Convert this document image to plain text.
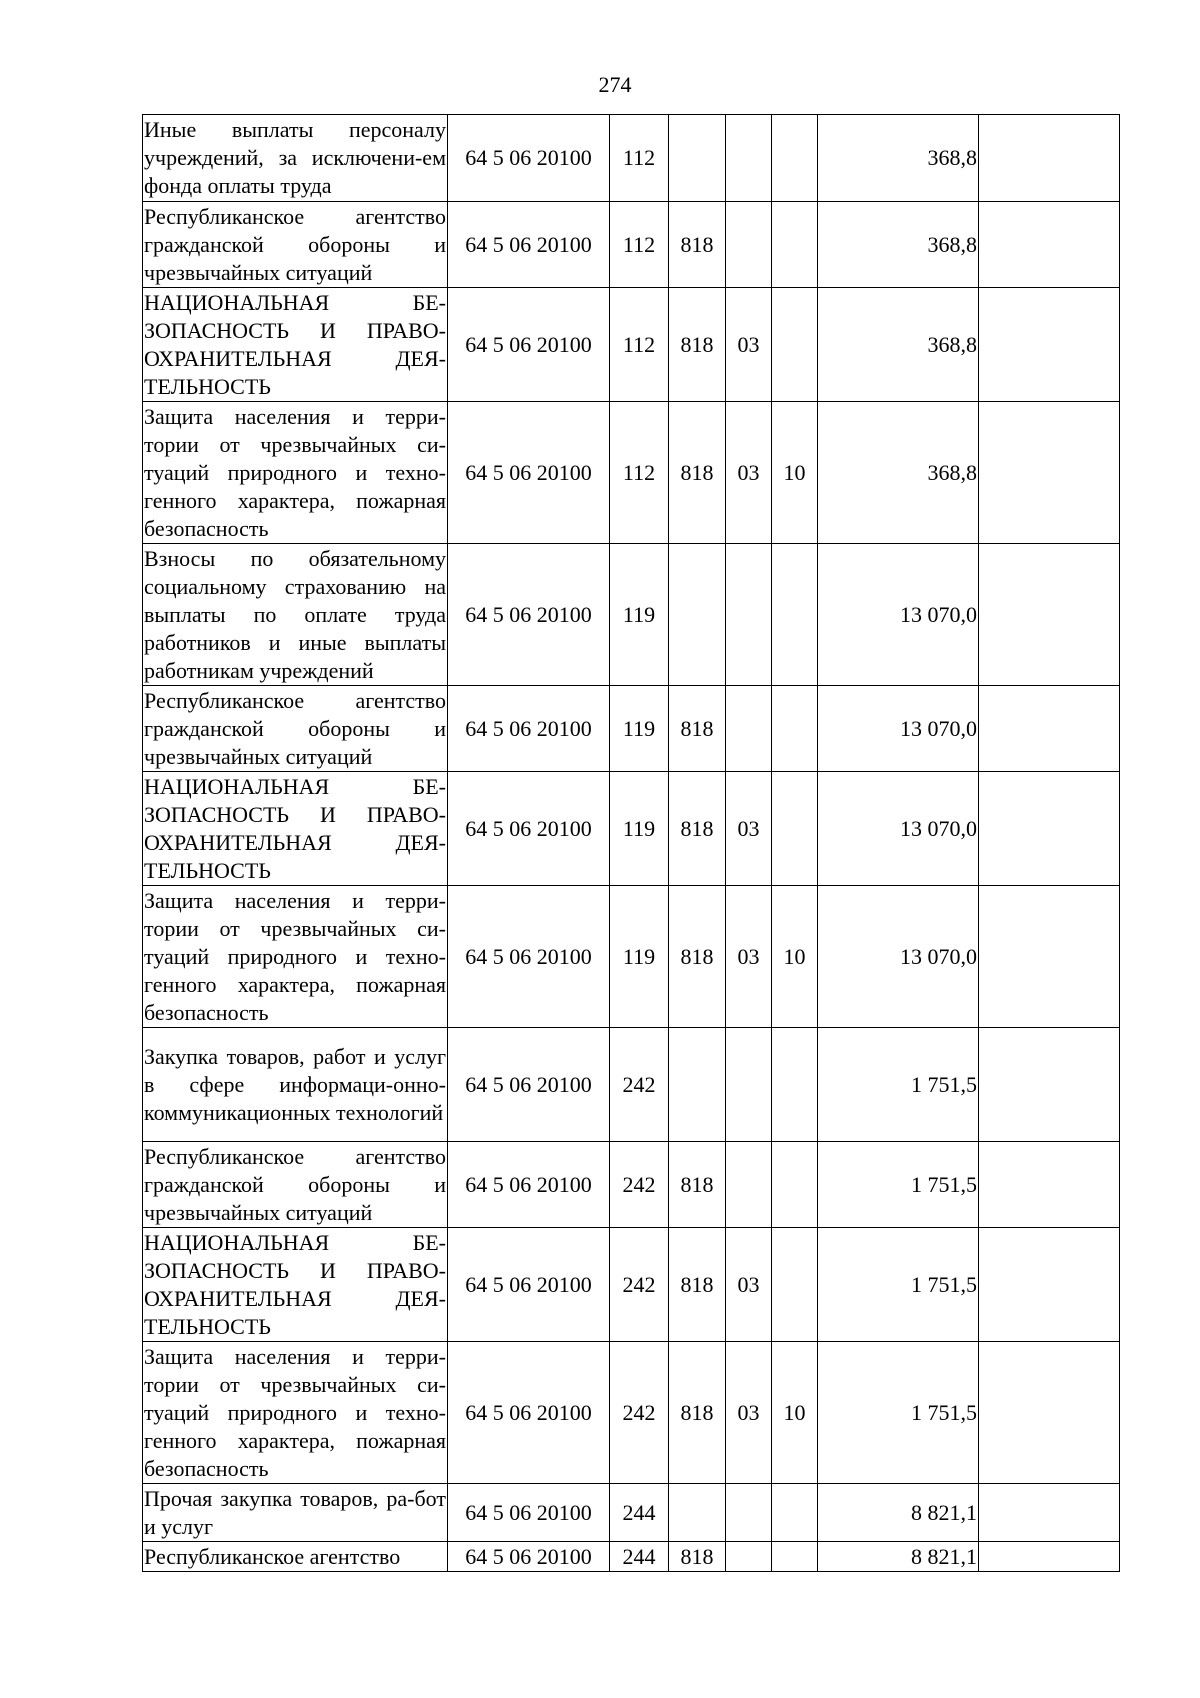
274
Иные выплаты персоналу учреждений, за исключени-ем фонда оплаты труда	64 5 06 20100	112				368,8	
Республиканское агентство гражданской обороны и чрезвычайных ситуаций	64 5 06 20100	112	818			368,8	
НАЦИОНАЛЬНАЯ БЕ-ЗОПАСНОСТЬ И ПРАВО-ОХРАНИТЕЛЬНАЯ ДЕЯ-ТЕЛЬНОСТЬ	64 5 06 20100	112	818	03		368,8	
Защита населения и терри-тории от чрезвычайных си-туаций природного и техно-генного характера, пожарная безопасность	64 5 06 20100	112	818	03	10	368,8	
Взносы по обязательному социальному страхованию на выплаты по оплате труда работников и иные выплаты работникам учреждений	64 5 06 20100	119				13 070,0	
Республиканское агентство гражданской обороны и чрезвычайных ситуаций	64 5 06 20100	119	818			13 070,0	
НАЦИОНАЛЬНАЯ БЕ-ЗОПАСНОСТЬ И ПРАВО-ОХРАНИТЕЛЬНАЯ ДЕЯ-ТЕЛЬНОСТЬ	64 5 06 20100	119	818	03		13 070,0	
Защита населения и терри-тории от чрезвычайных си-туаций природного и техно-генного характера, пожарная безопасность	64 5 06 20100	119	818	03	10	13 070,0	
Закупка товаров, работ и услуг в сфере информаци-онно-коммуникационных технологий	64 5 06 20100	242				1 751,5	
Республиканское агентство гражданской обороны и чрезвычайных ситуаций	64 5 06 20100	242	818			1 751,5	
НАЦИОНАЛЬНАЯ БЕ-ЗОПАСНОСТЬ И ПРАВО-ОХРАНИТЕЛЬНАЯ ДЕЯ-ТЕЛЬНОСТЬ	64 5 06 20100	242	818	03		1 751,5	
Защита населения и терри-тории от чрезвычайных си-туаций природного и техно-генного характера, пожарная безопасность	64 5 06 20100	242	818	03	10	1 751,5	
Прочая закупка товаров, ра-бот и услуг	64 5 06 20100	244				8 821,1	
Республиканское агентство	64 5 06 20100	244	818			8 821,1	
